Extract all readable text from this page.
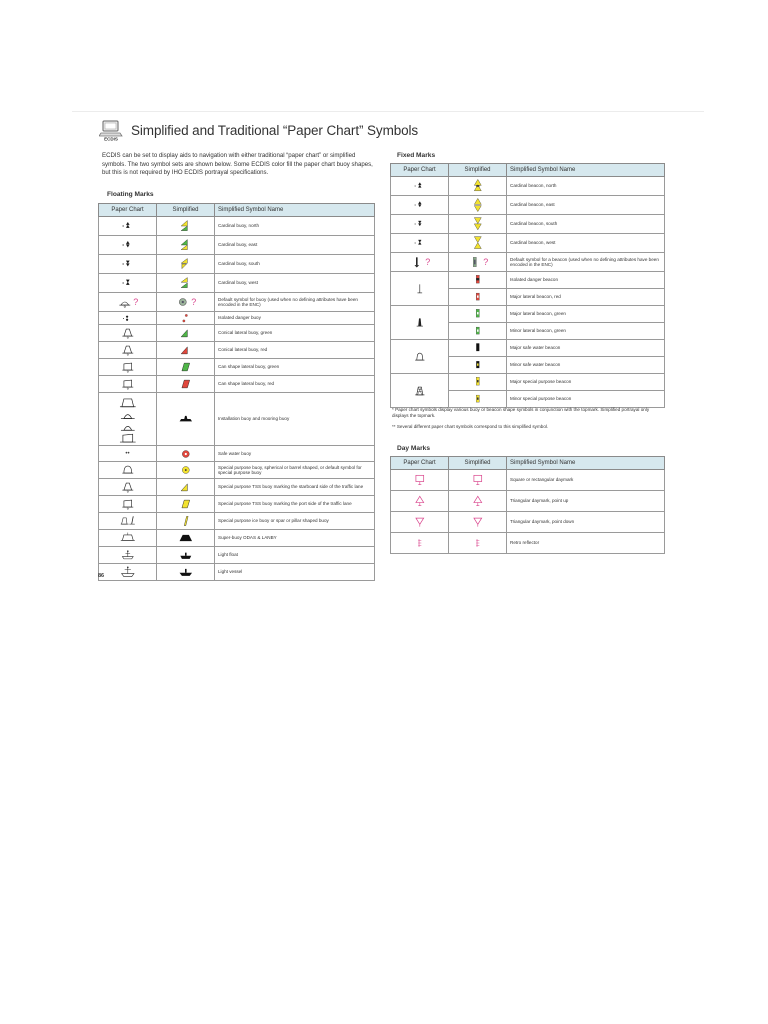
ECDIS
Simplified and Traditional “Paper Chart” Symbols
ECDIS can be set to display aids to navigation with either traditional “paper chart” or simplified symbols. The two symbol sets are shown below. Some ECDIS color fill the paper chart buoy shapes, but this is not required by IHO ECDIS portrayal specifications.
Floating Marks
Paper Chart	Simplified	Simplified Symbol Name

	Cardinal buoy, north

	Cardinal buoy, east

	Cardinal buoy, south

	Cardinal buoy, west

?	?	Default symbol for buoy (used when no defining attributes have been encoded in the ENC)

	Isolated danger buoy

	Conical lateral buoy, green

	Conical lateral buoy, red

	Can shape lateral buoy, green

	Can shape lateral buoy, red

	Installation buoy and mooring buoy
••		Safe water buoy

	Special purpose buoy, spherical or barrel shaped, or default symbol for special purpose buoy

	Special purpose TSS buoy marking the starboard side of the traffic lane

	Special purpose TSS buoy marking the port side of the traffic lane

	Special purpose ice buoy or spar or pillar shaped buoy

	Super-buoy ODAS & LANBY

	Light float

	Light vessel
Fixed Marks
Paper Chart	Simplified	Simplified Symbol Name

	Cardinal beacon, north

	Cardinal beacon, east

	Cardinal beacon, south

	Cardinal beacon, west

?	?	Default symbol for a beacon (used when no defining attributes have been encoded in the ENC)

	Isolated danger beacon

	Major lateral beacon, red

	Major lateral beacon, green

	Minor lateral beacon, green

	Major safe water beacon

	Minor safe water beacon

	Major special purpose beacon

	Minor special purpose beacon

* Paper chart symbols display various buoy or beacon shape symbols in conjunction with the topmark. Simplified portrayal only displays the topmark.

** Several different paper chart symbols correspond to this simplified symbol.

Day Marks
Paper Chart	Simplified	Simplified Symbol Name

	Square or rectangular daymark

	Triangular daymark, point up

	Triangular daymark, point down

	Retro reflector
86
